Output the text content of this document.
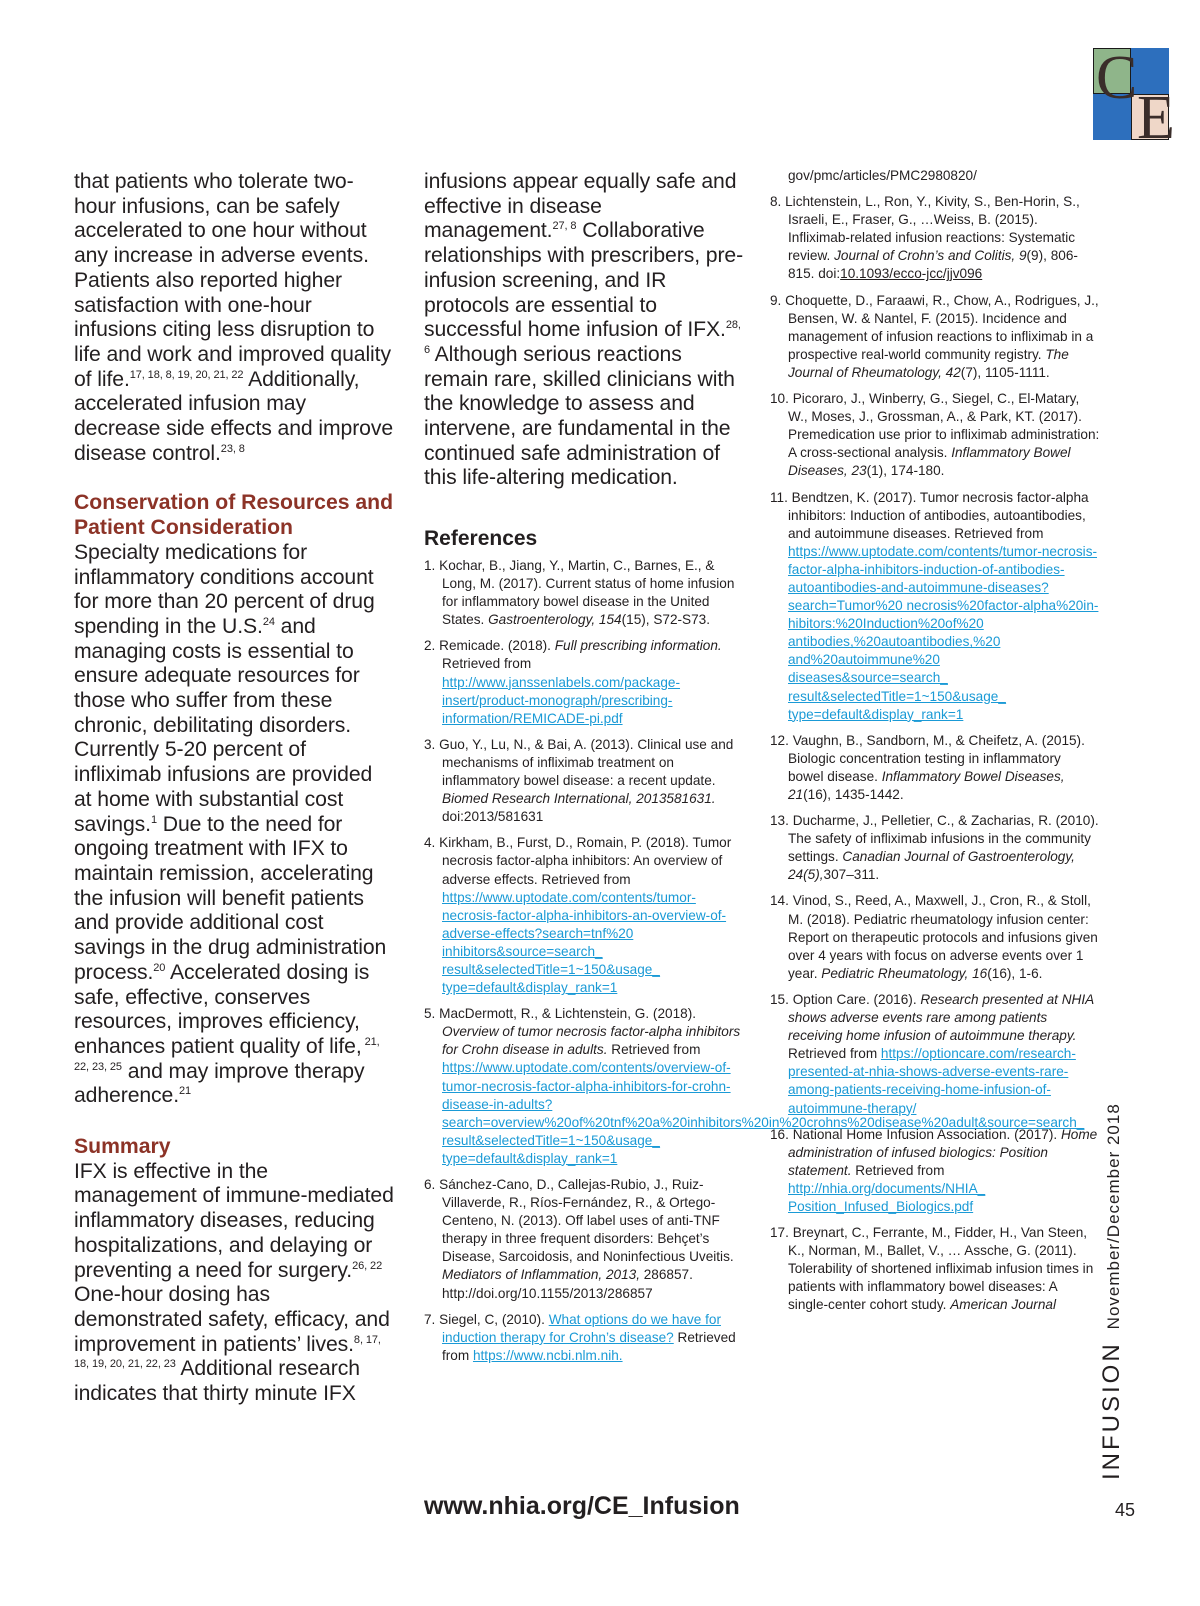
C
E

that patients who tolerate two-hour infusions, can be safely accelerated to one hour without any increase in adverse events. Patients also reported higher satisfaction with one-hour infusions citing less disruption to life and work and improved quality of life.$^{17, 18, 8, 19, 20, 21, 22}$ Additionally, accelerated infusion may decrease side effects and improve disease control.$^{23, 8}$

Conservation of Resources and Patient Consideration

Specialty medications for inflammatory conditions account for more than 20 percent of drug spending in the U.S.$^{24}$ and managing costs is essential to ensure adequate resources for those who suffer from these chronic, debilitating disorders. Currently 5-20 percent of infliximab infusions are provided at home with substantial cost savings.$^1$ Due to the need for ongoing treatment with IFX to maintain remission, accelerating the infusion will benefit patients and provide additional cost savings in the drug administration process.$^{20}$ Accelerated dosing is safe, effective, conserves resources, improves efficiency, enhances patient quality of life, $^{21, 22, 23, 25}$ and may improve therapy adherence.$^{21}$

Summary

IFX is effective in the management of immune-mediated inflammatory diseases, reducing hospitalizations, and delaying or preventing a need for surgery.$^{26, 22}$ One-hour dosing has demonstrated safety, efficacy, and improvement in patients’ lives.$^{8, 17, 18, 19, 20, 21, 22, 23}$ Additional research indicates that thirty minute IFX

infusions appear equally safe and effective in disease management.$^{27, 8}$ Collaborative relationships with prescribers, pre-infusion screening, and IR protocols are essential to successful home infusion of IFX.$^{28, 6}$ Although serious reactions remain rare, skilled clinicians with the knowledge to assess and intervene, are fundamental in the continued safe administration of this life-altering medication.

References
1. Kochar, B., Jiang, Y., Martin, C., Barnes, E., & Long, M. (2017). Current status of home infusion for inflammatory bowel disease in the United States. Gastroenterology, 154(15), S72-S73.
2. Remicade. (2018). Full prescribing information. Retrieved from http://www.janssenlabels.com/package-insert/product-monograph/prescribing-information/REMICADE-pi.pdf
3. Guo, Y., Lu, N., & Bai, A. (2013). Clinical use and mechanisms of infliximab treatment on inflammatory bowel disease: a recent update. Biomed Research International, 2013581631. doi:2013/581631
4. Kirkham, B., Furst, D., Romain, P. (2018). Tumor necrosis factor-alpha inhibitors: An overview of adverse effects. Retrieved from https://www.uptodate.com/contents/tumor-necrosis-factor-alpha-inhibitors-an-overview-of-adverse-effects?search=tnf%20 inhibitors&source=search_ result&selectedTitle=1~150&usage_ type=default&display_rank=1
5. MacDermott, R., & Lichtenstein, G. (2018). Overview of tumor necrosis factor-alpha inhibitors for Crohn disease in adults. Retrieved from https://www.uptodate.com/contents/overview-of-tumor-necrosis-factor-alpha-inhibitors-for-crohn-disease-in-adults?search=overview%20of%20tnf%20a%20inhibitors%20in%20crohns%20disease%20adult&source=search_ result&selectedTitle=1~150&usage_ type=default&display_rank=1
6. Sánchez-Cano, D., Callejas-Rubio, J., Ruiz-Villaverde, R., Ríos-Fernández, R., & Ortego-Centeno, N. (2013). Off label uses of anti-TNF therapy in three frequent disorders: Behçet’s Disease, Sarcoidosis, and Noninfectious Uveitis. Mediators of Inflammation, 2013, 286857. http://doi.org/10.1155/2013/286857
7. Siegel, C, (2010). What options do we have for induction therapy for Crohn’s disease? Retrieved from https://www.ncbi.nlm.nih.
gov/pmc/articles/PMC2980820/
8. Lichtenstein, L., Ron, Y., Kivity, S., Ben-Horin, S., Israeli, E., Fraser, G., …Weiss, B. (2015). Infliximab-related infusion reactions: Systematic review. Journal of Crohn’s and Colitis, 9(9), 806-815. doi:10.1093/ecco-jcc/jjv096
9. Choquette, D., Faraawi, R., Chow, A., Rodrigues, J., Bensen, W. & Nantel, F. (2015). Incidence and management of infusion reactions to infliximab in a prospective real-world community registry. The Journal of Rheumatology, 42(7), 1105-1111.
10. Picoraro, J., Winberry, G., Siegel, C., El-Matary, W., Moses, J., Grossman, A., & Park, KT. (2017). Premedication use prior to infliximab administration: A cross-sectional analysis. Inflammatory Bowel Diseases, 23(1), 174-180.
11. Bendtzen, K. (2017). Tumor necrosis factor-alpha inhibitors: Induction of antibodies, autoantibodies, and autoimmune diseases. Retrieved from https://www.uptodate.com/contents/tumor-necrosis-factor-alpha-inhibitors-induction-of-antibodies-autoantibodies-and-autoimmune-diseases?search=Tumor%20 necrosis%20factor-alpha%20in-hibitors:%20Induction%20of%20 antibodies,%20autoantibodies,%20 and%20autoimmune%20 diseases&source=search_ result&selectedTitle=1~150&usage_ type=default&display_rank=1
12. Vaughn, B., Sandborn, M., & Cheifetz, A. (2015). Biologic concentration testing in inflammatory bowel disease. Inflammatory Bowel Diseases, 21(16), 1435-1442.
13. Ducharme, J., Pelletier, C., & Zacharias, R. (2010). The safety of infliximab infusions in the community settings. Canadian Journal of Gastroenterology, 24(5),307–311.
14. Vinod, S., Reed, A., Maxwell, J., Cron, R., & Stoll, M. (2018). Pediatric rheumatology infusion center: Report on therapeutic protocols and infusions given over 4 years with focus on adverse events over 1 year. Pediatric Rheumatology, 16(16), 1-6.
15. Option Care. (2016). Research presented at NHIA shows adverse events rare among patients receiving home infusion of autoimmune therapy. Retrieved from https://optioncare.com/research-presented-at-nhia-shows-adverse-events-rare-among-patients-receiving-home-infusion-of-autoimmune-therapy/
16. National Home Infusion Association. (2017). Home administration of infused biologics: Position statement. Retrieved from http://nhia.org/documents/NHIA_ Position_Infused_Biologics.pdf
17. Breynart, C., Ferrante, M., Fidder, H., Van Steen, K., Norman, M., Ballet, V., … Assche, G. (2011). Tolerability of shortened infliximab infusion times in patients with inflammatory bowel diseases: A single-center cohort study. American Journal
www.nhia.org/CE_Infusion	45
INFUSIONNovember/December 2018
